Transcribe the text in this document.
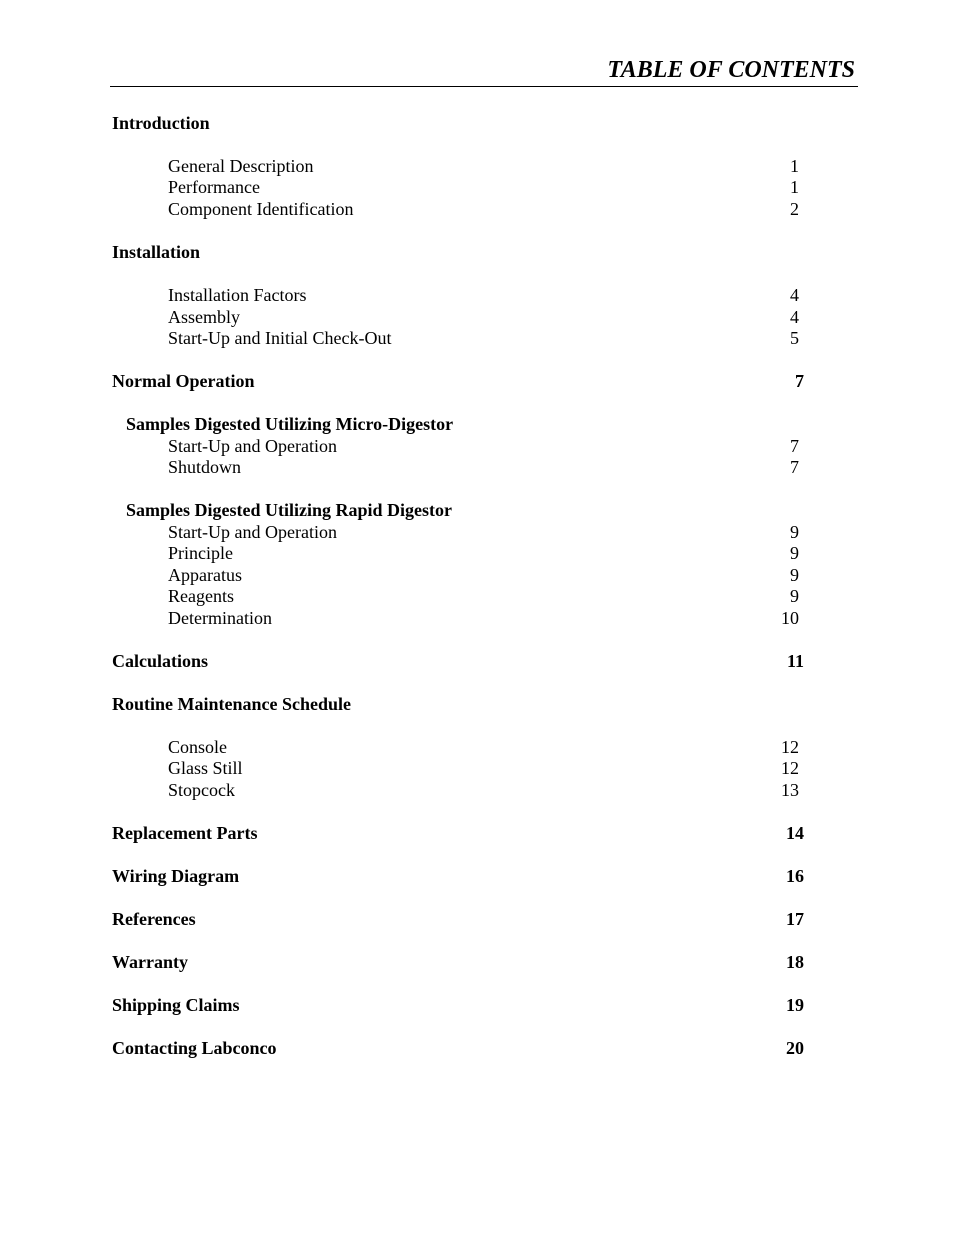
TABLE OF CONTENTS
Introduction
General Description	1
Performance	1
Component Identification	2
Installation
Installation Factors	4
Assembly	4
Start-Up and Initial Check-Out	5
Normal Operation	7
Samples Digested Utilizing Micro-Digestor
Start-Up and Operation	7
Shutdown	7
Samples Digested Utilizing Rapid Digestor
Start-Up and Operation	9
Principle	9
Apparatus	9
Reagents	9
Determination	10
Calculations	11
Routine Maintenance Schedule
Console	12
Glass Still	12
Stopcock	13
Replacement Parts	14
Wiring Diagram	16
References	17
Warranty	18
Shipping Claims	19
Contacting Labconco	20
